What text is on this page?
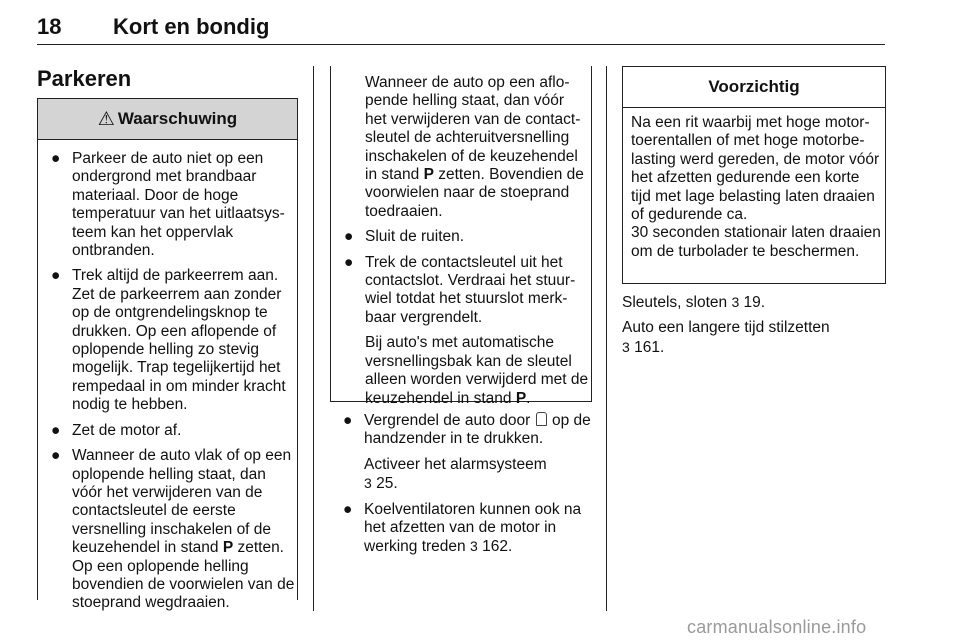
18 Kort en bondig
Parkeren
⚠ Waarschuwing

● Parkeer de auto niet op een ondergrond met brandbaar materiaal. Door de hoge temperatuur van het uitlaatsysteem kan het oppervlak ontbranden.

● Trek altijd de parkeerrem aan. Zet de parkeerrem aan zonder op de ontgrendelingsknop te drukken. Op een aflopende of oplopende helling zo stevig mogelijk. Trap tegelijkertijd het rempedaal in om minder kracht nodig te hebben.

● Zet de motor af.

● Wanneer de auto vlak of op een oplopende helling staat, dan vóór het verwijderen van de contactsleutel de eerste versnelling inschakelen of de keuzehendel in stand P zetten. Op een oplopende helling bovendien de voorwielen van de stoeprand wegdraaien.

Wanneer de auto op een aflopende helling staat, dan vóór het verwijderen van de contactsleutel de achteruitversnelling inschakelen of de keuzehendel in stand P zetten. Bovendien de voorwielen naar de stoeprand toedraaien.

● Sluit de ruiten.

● Trek de contactsleutel uit het contactslot. Verdraai het stuurwiel totdat het stuurslot merkbaar vergrendelt.

Bij auto's met automatische versnellingsbak kan de sleutel alleen worden verwijderd met de keuzehendel in stand P.

● Vergrendel de auto door  op de handzender in te drukken.

Activeer het alarmsysteem
3 25.

● Koelventilatoren kunnen ook na het afzetten van de motor in werking treden 3 162.

Voorzichtig

Na een rit waarbij met hoge motortoerentallen of met hoge motorbelasting werd gereden, de motor vóór het afzetten gedurende een korte tijd met lage belasting laten draaien of gedurende ca.

30 seconden stationair laten draaien om de turbolader te beschermen.

Sleutels, sloten 3 19.

Auto een langere tijd stilzetten
3 161.

carmanualsonline.info
